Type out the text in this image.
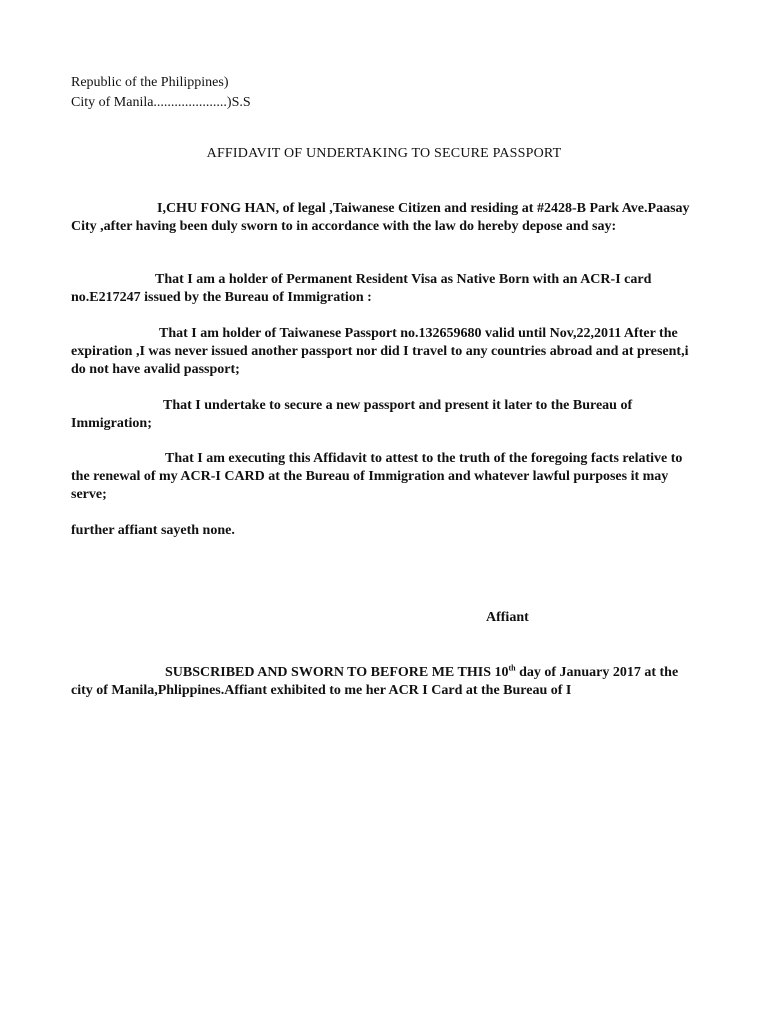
Republic of the Philippines)
City of Manila.....................)S.S
AFFIDAVIT OF UNDERTAKING TO SECURE PASSPORT
I,CHU FONG HAN, of legal ,Taiwanese Citizen and residing at #2428-B Park Ave.Paasay City ,after having been duly sworn to in accordance with the law do hereby depose and say:
That I am a holder of Permanent Resident Visa as Native Born with an ACR-I card no.E217247 issued by the Bureau of Immigration :
That I am holder of Taiwanese Passport no.132659680 valid until Nov,22,2011 After the expiration ,I was never issued another passport nor did I travel to any countries abroad and at present,i do not have avalid passport;
That I undertake to secure a new passport and present it later to the Bureau of Immigration;
That I am executing this Affidavit to attest to the truth of the foregoing facts relative to the renewal of my ACR-I CARD at the Bureau of Immigration and whatever lawful purposes it may serve;
further affiant sayeth none.
Affiant
SUBSCRIBED AND SWORN TO BEFORE ME THIS 10th day of January 2017 at the city of Manila,Phlippines.Affiant exhibited to me her ACR I Card at the Bureau of I
